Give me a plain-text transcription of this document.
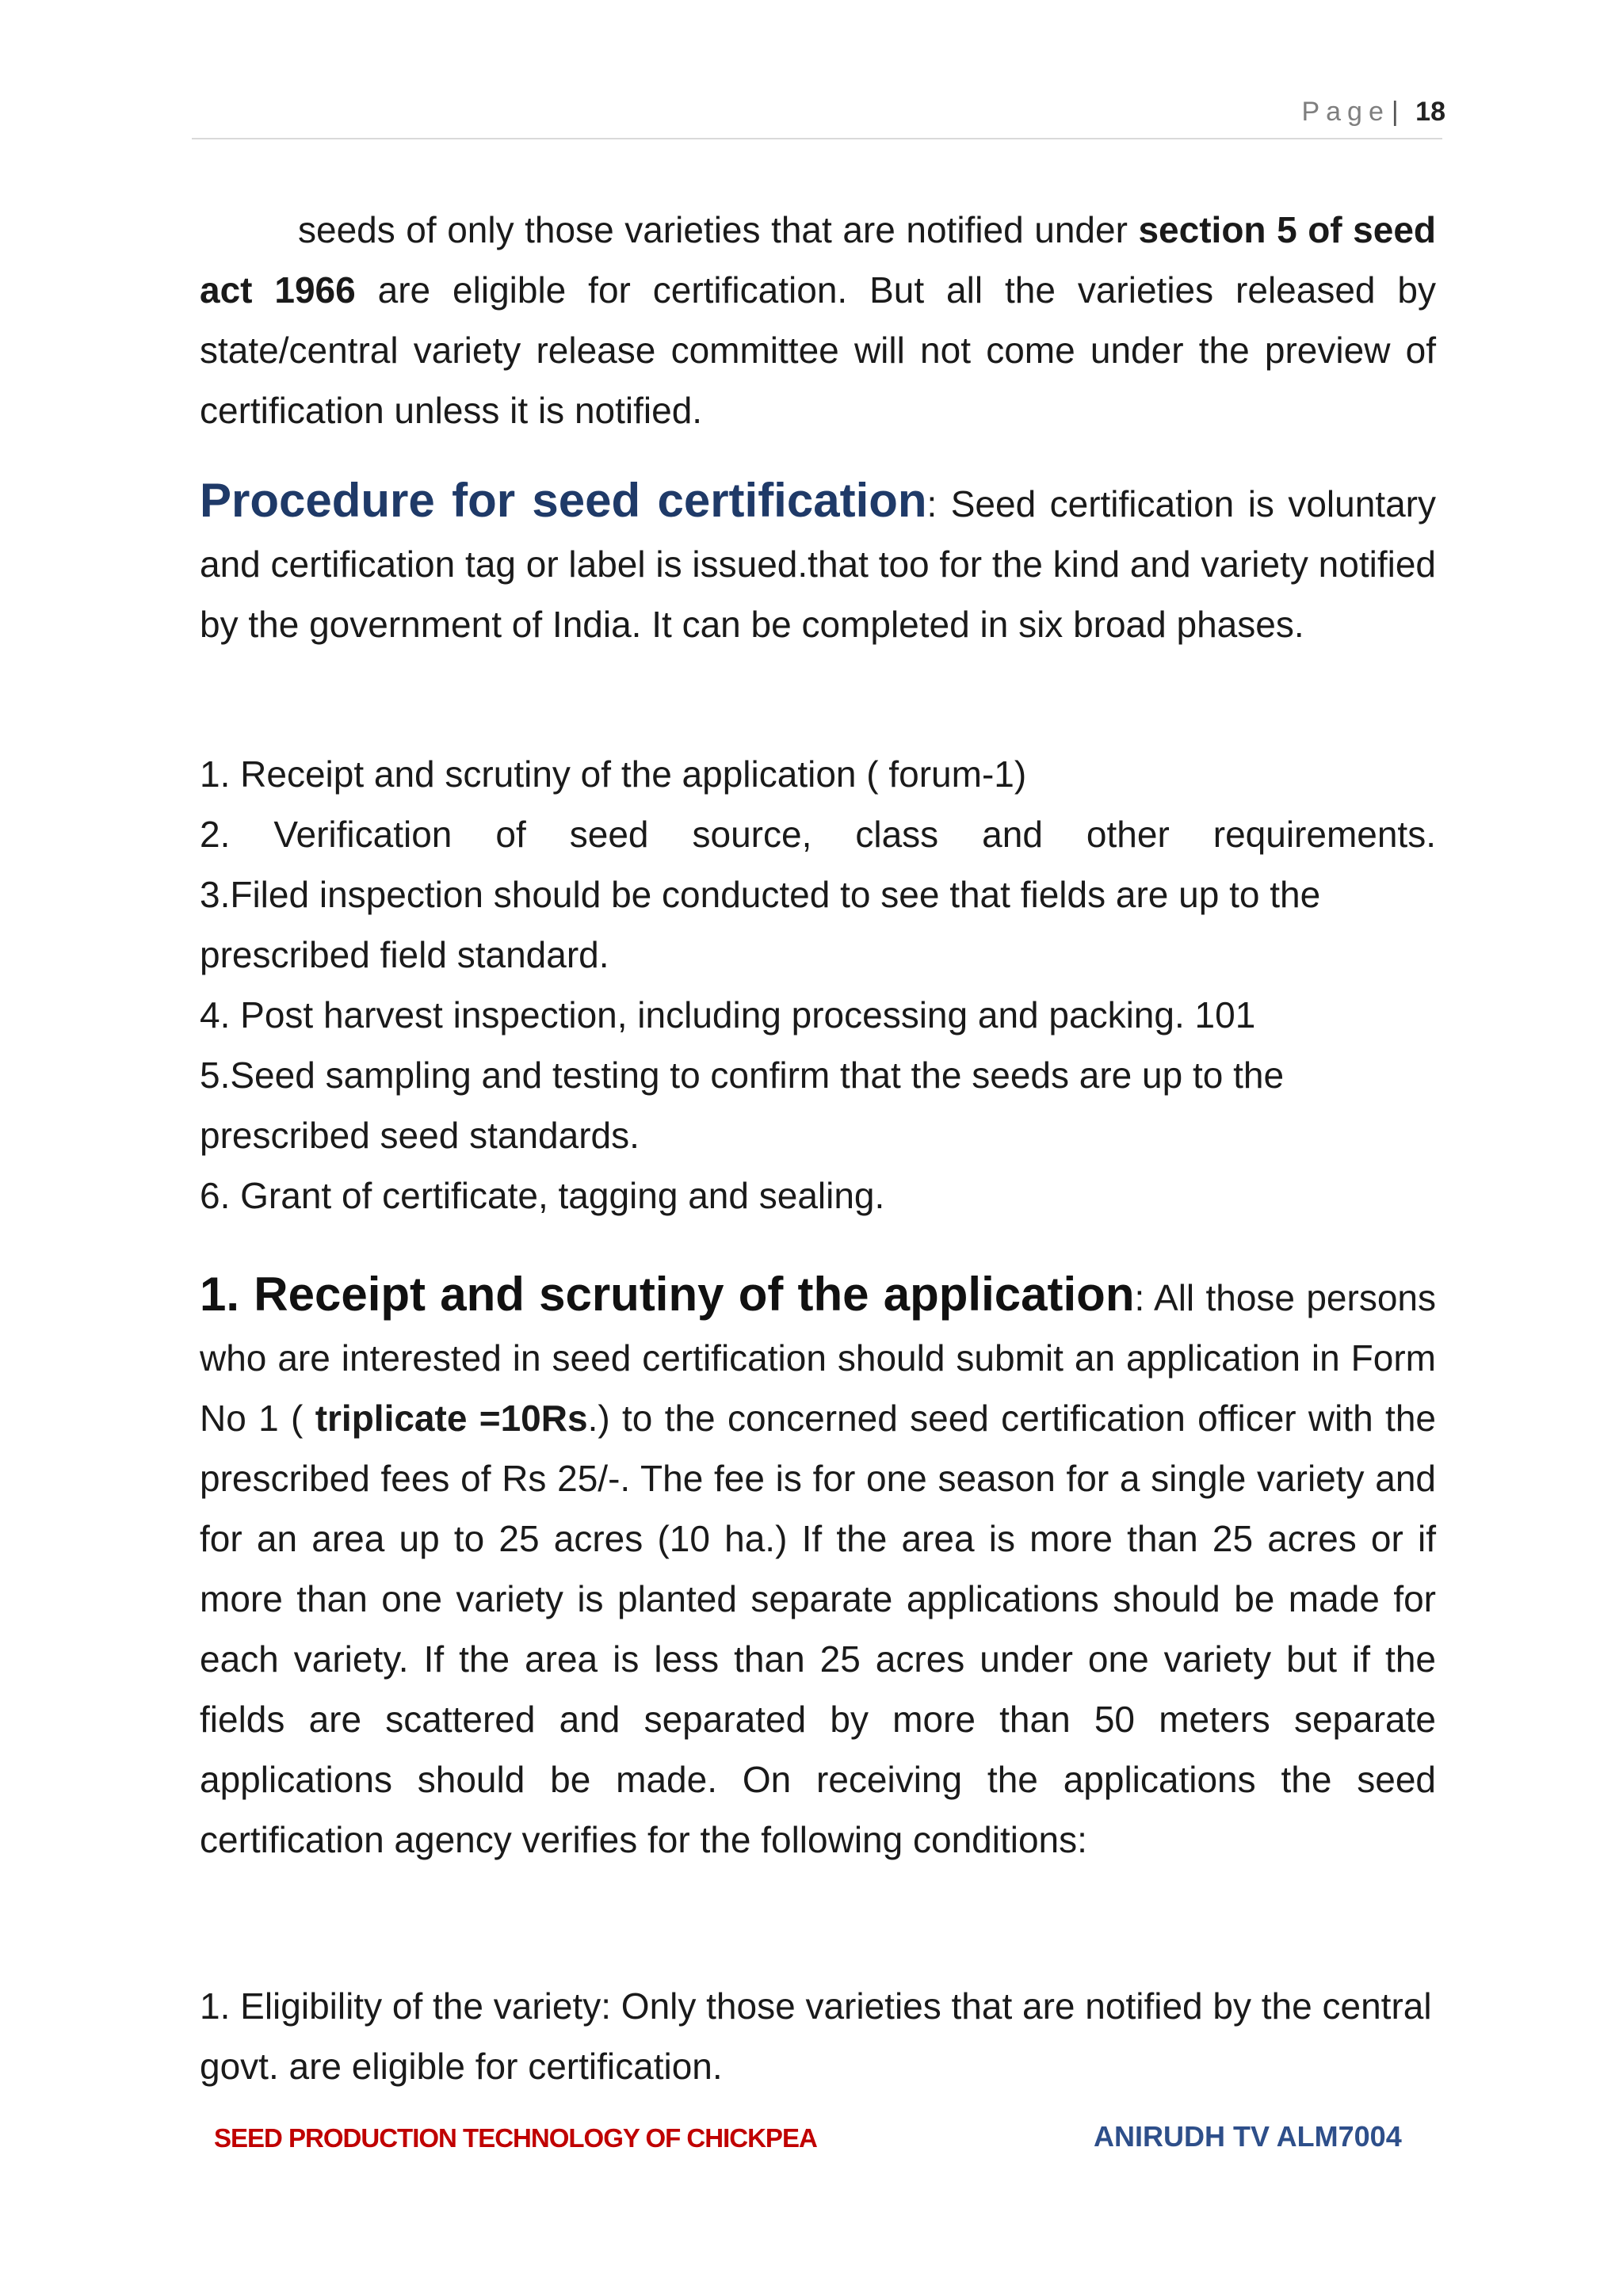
Page| 18

seeds of only those varieties that are notified under section 5 of seed act 1966 are eligible for certification. But all the varieties released by state/central variety release committee will not come under the preview of certification unless it is notified.

Procedure for seed certification: Seed certification is voluntary and certification tag or label is issued.that too for the kind and variety notified by the government of India. It can be completed in six broad phases.

1. Receipt and scrutiny of the application ( forum-1)
2. Verification of seed source, class and other requirements.
3.Filed inspection should be conducted to see that fields are up to the prescribed field standard.
4. Post harvest inspection, including processing and packing. 101
5.Seed sampling and testing to confirm that the seeds are up to the prescribed seed standards.
6. Grant of certificate, tagging and sealing.

1. Receipt and scrutiny of the application: All those persons who are interested in seed certification should submit an application in Form No 1 ( triplicate =10Rs.) to the concerned seed certification officer with the prescribed fees of Rs 25/-. The fee is for one season for a single variety and for an area up to 25 acres (10 ha.) If the area is more than 25 acres or if more than one variety is planted separate applications should be made for each variety. If the area is less than 25 acres under one variety but if the fields are scattered and separated by more than 50 meters separate applications should be made. On receiving the applications the seed certification agency verifies for the following conditions:

1. Eligibility of the variety: Only those varieties that are notified by the central govt. are eligible for certification.
SEED PRODUCTION TECHNOLOGY OF CHICKPEA	ANIRUDH TV ALM7004
